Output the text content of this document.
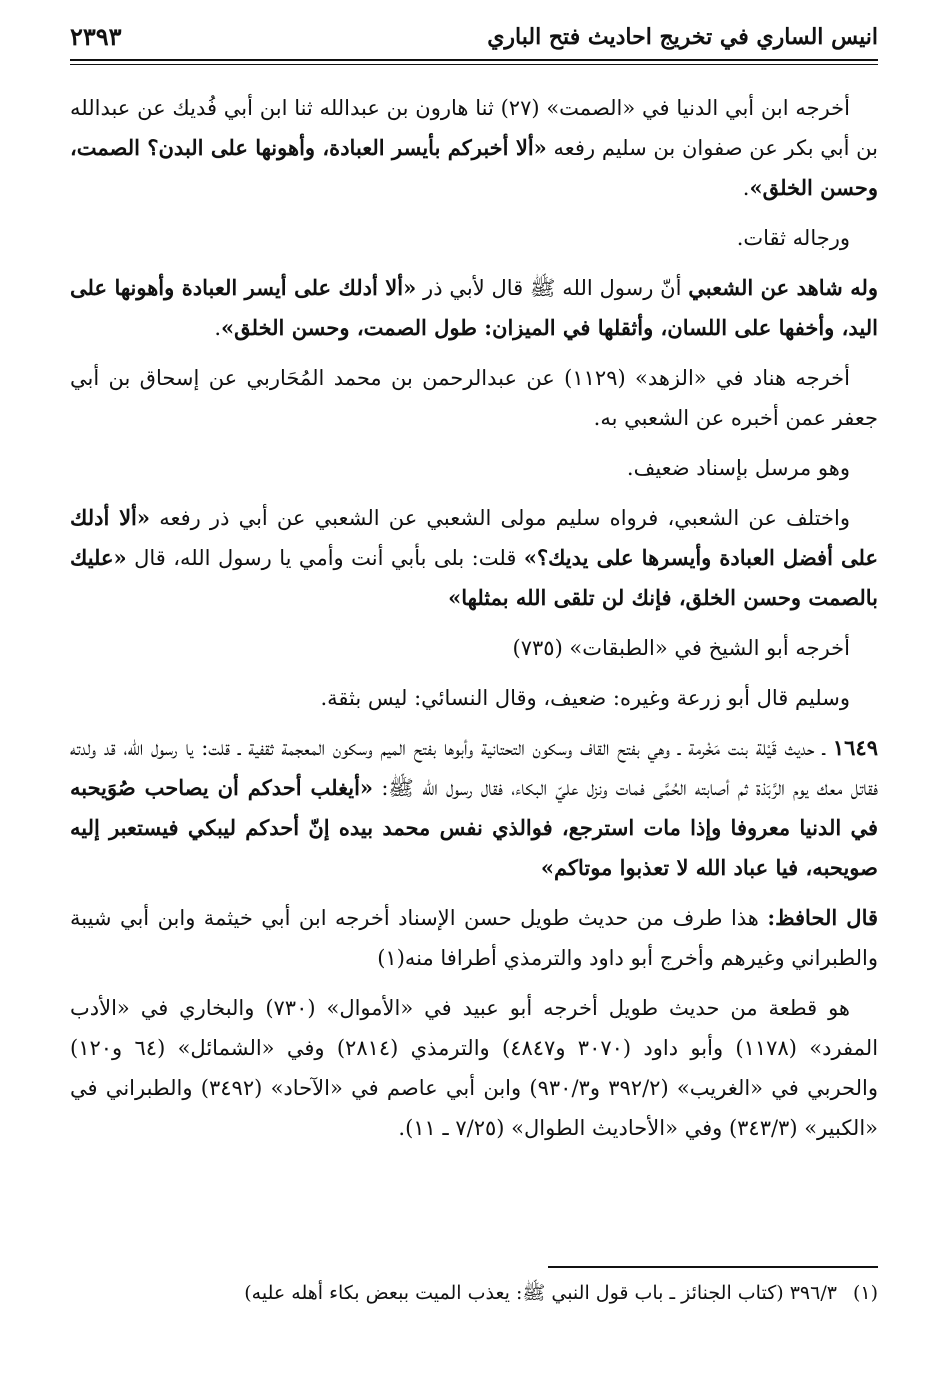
انيس الساري في تخريج احاديث فتح الباري
٢٣٩٣

أخرجه ابن أبي الدنيا في «الصمت» (٢٧) ثنا هارون بن عبدالله ثنا ابن أبي فُديك عن عبدالله بن أبي بكر عن صفوان بن سليم رفعه «ألا أخبركم بأيسر العبادة، وأهونها على البدن؟ الصمت، وحسن الخلق».

ورجاله ثقات.

وله شاهد عن الشعبي أنّ رسول الله ﷺ قال لأبي ذر «ألا أدلك على أيسر العبادة وأهونها على اليد، وأخفها على اللسان، وأثقلها في الميزان: طول الصمت، وحسن الخلق».

أخرجه هناد في «الزهد» (١١٢٩) عن عبدالرحمن بن محمد المُحَاربي عن إسحاق بن أبي جعفر عمن أخبره عن الشعبي به.

وهو مرسل بإسناد ضعيف.

واختلف عن الشعبي، فرواه سليم مولى الشعبي عن الشعبي عن أبي ذر رفعه «ألا أدلك على أفضل العبادة وأيسرها على يديك؟» قلت: بلى بأبي أنت وأمي يا رسول الله، قال «عليك بالصمت وحسن الخلق، فإنك لن تلقى الله بمثلها»

أخرجه أبو الشيخ في «الطبقات» (٧٣٥)

وسليم قال أبو زرعة وغيره: ضعيف، وقال النسائي: ليس بثقة.

١٦٤٩ ـ حديث قَيْلة بنت مَخْرمة ـ وهي بفتح القاف وسكون التحتانية وأبوها بفتح الميم وسكون المعجمة ثقفية ـ قلت: يا رسول الله، قد ولدته فقاتل معك يوم الرَّبَذة ثم أصابته الحُمَّى فمات ونزل عليّ البكاء، فقال رسول الله ﷺ: «أيغلب أحدكم أن يصاحب صُوَيحبه في الدنيا معروفا وإذا مات استرجع، فوالذي نفس محمد بيده إنّ أحدكم ليبكي فيستعبر إليه صويحبه، فيا عباد الله لا تعذبوا موتاكم»

قال الحافظ: هذا طرف من حديث طويل حسن الإسناد أخرجه ابن أبي خيثمة وابن أبي شيبة والطبراني وغيرهم وأخرج أبو داود والترمذي أطرافا منه(١)

هو قطعة من حديث طويل أخرجه أبو عبيد في «الأموال» (٧٣٠) والبخاري في «الأدب المفرد» (١١٧٨) وأبو داود (٣٠٧٠ و٤٨٤٧) والترمذي (٢٨١٤) وفي «الشمائل» (٦٤ و١٢٠) والحربي في «الغريب» (٣٩٢/٢ و٩٣٠/٣) وابن أبي عاصم في «الآحاد» (٣٤٩٢) والطبراني في «الكبير» (٣٤٣/٣) وفي «الأحاديث الطوال» (٧/٢٥ ـ ١١).

(١)٣٩٦/٣ (كتاب الجنائز ـ باب قول النبي ﷺ: يعذب الميت ببعض بكاء أهله عليه)
